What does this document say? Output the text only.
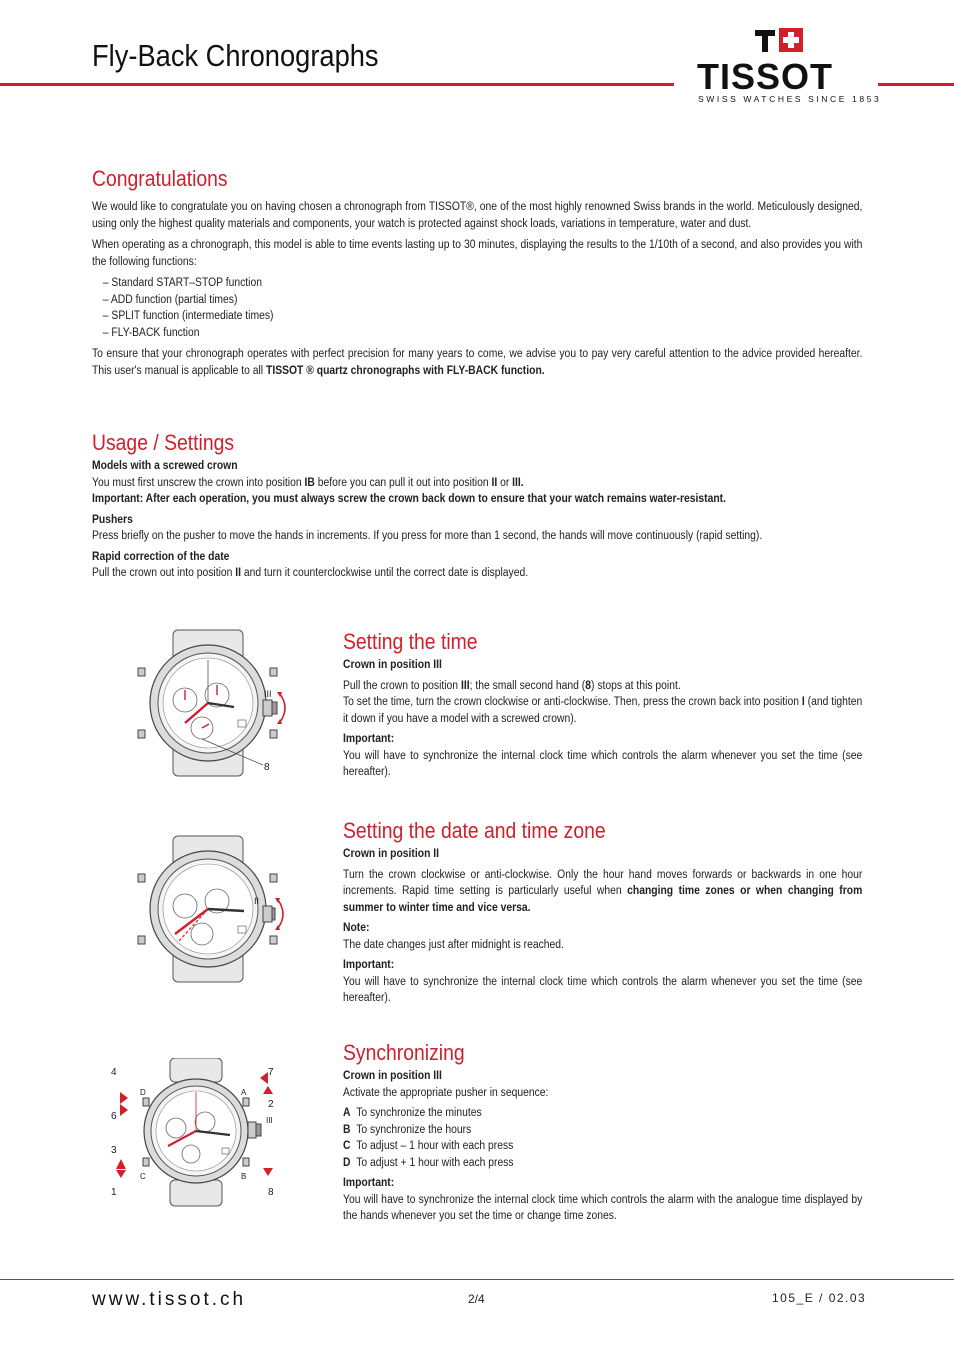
Fly-Back Chronographs
TISSOT
SWISS WATCHES SINCE 1853
Congratulations

We would like to congratulate you on having chosen a chronograph from TISSOT®, one of the most highly renowned Swiss brands in the world. Meticulously designed, using only the highest quality materials and components, your watch is protected against shock loads, variations in temperature, water and dust.

When operating as a chronograph, this model is able to time events lasting up to 30 minutes, displaying the results to the 1/10th of a second, and also provides you with the following functions:

– Standard START–STOP function
– ADD function (partial times)
– SPLIT function (intermediate times)
– FLY-BACK function

To ensure that your chronograph operates with perfect precision for many years to come, we advise you to pay very careful attention to the advice provided hereafter. This user's manual is applicable to all TISSOT ® quartz chronographs with FLY-BACK function.

Usage / Settings
Models with a screwed crown
You must first unscrew the crown into position IB before you can pull it out into position II or III.
Important: After each operation, you must always screw the crown back down to ensure that your watch remains water-resistant.
Pushers
Press briefly on the pusher to move the hands in increments. If you press for more than 1 second, the hands will move continuously (rapid setting).
Rapid correction of the date
Pull the crown out into position II and turn it counterclockwise until the correct date is displayed.
III
8
Setting the time
Crown in position III
Pull the crown to position III; the small second hand (8) stops at this point.
To set the time, turn the crown clockwise or anti-clockwise. Then, press the crown back into position I (and tighten it down if you have a model with a screwed crown).
Important:
You will have to synchronize the internal clock time which controls the alarm whenever you set the time (see hereafter).
II
Setting the date and time zone
Crown in position II
Turn the crown clockwise or anti-clockwise. Only the hour hand moves forwards or backwards in one hour increments. Rapid time setting is particularly useful when changing time zones or when changing from summer to winter time and vice versa.
Note:
The date changes just after midnight is reached.
Important:
You will have to synchronize the internal clock time which controls the alarm whenever you set the time (see hereafter).
4
6
3
1
D
C
A
B
7
2
III
8
Synchronizing
Crown in position III
Activate the appropriate pusher in sequence:
A To synchronize the minutes
B To synchronize the hours
C To adjust – 1 hour with each press
D To adjust + 1 hour with each press
Important:
You will have to synchronize the internal clock time which controls the alarm with the analogue time displayed by the hands whenever you set the time or change time zones.
www.tissot.ch	2/4	105_E / 02.03
